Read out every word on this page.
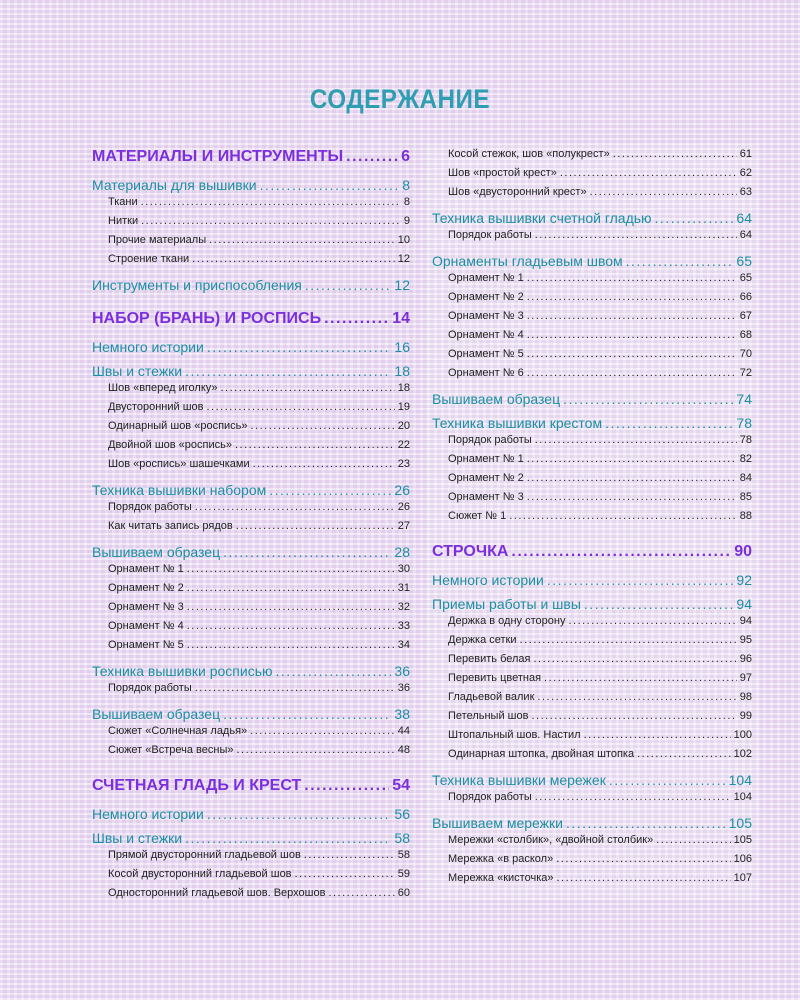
СОДЕРЖАНИЕ
МАТЕРИАЛЫ И ИНСТРУМЕНТЫ .....	6
Материалы для вышивки .....	8
Ткани .....	8
Нитки .....	9
Прочие материалы .....	10
Строение ткани .....	12
Инструменты и приспособления .....	12
НАБОР (БРАНЬ) И РОСПИСЬ .....	14
Немного истории .....	16
Швы и стежки .....	18
Шов «вперед иголку» .....	18
Двусторонний шов .....	19
Одинарный шов «роспись» .....	20
Двойной шов «роспись» .....	22
Шов «роспись» шашечками .....	23
Техника вышивки набором .....	26
Порядок работы .....	26
Как читать запись рядов .....	27
Вышиваем образец .....	28
Орнамент № 1 .....	30
Орнамент № 2 .....	31
Орнамент № 3 .....	32
Орнамент № 4 .....	33
Орнамент № 5 .....	34
Техника вышивки росписью .....	36
Порядок работы .....	36
Вышиваем образец .....	38
Сюжет «Солнечная ладья» .....	44
Сюжет «Встреча весны» .....	48
СЧЕТНАЯ ГЛАДЬ И КРЕСТ .....	54
Немного истории .....	56
Швы и стежки .....	58
Прямой двусторонний гладьевой шов .....	58
Косой двусторонний гладьевой шов .....	59
Односторонний гладьевой шов. Верхошов .....	60
Косой стежок, шов «полукрест» .....	61
Шов «простой крест» .....	62
Шов «двусторонний крест» .....	63
Техника вышивки счетной гладью .....	64
Порядок работы .....	64
Орнаменты гладьевым швом .....	65
Орнамент № 1 .....	65
Орнамент № 2 .....	66
Орнамент № 3 .....	67
Орнамент № 4 .....	68
Орнамент № 5 .....	70
Орнамент № 6 .....	72
Вышиваем образец .....	74
Техника вышивки крестом .....	78
Порядок работы .....	78
Орнамент № 1 .....	82
Орнамент № 2 .....	84
Орнамент № 3 .....	85
Сюжет № 1 .....	88
СТРОЧКА .....	90
Немного истории .....	92
Приемы работы и швы .....	94
Держка в одну сторону .....	94
Держка сетки .....	95
Перевить белая .....	96
Перевить цветная .....	97
Гладьевой валик .....	98
Петельный шов .....	99
Штопальный шов. Настил .....	100
Одинарная штопка, двойная штопка .....	102
Техника вышивки мережек .....	104
Порядок работы .....	104
Вышиваем мережки .....	105
Мережки «столбик», «двойной столбик» .....	105
Мережка «в раскол» .....	106
Мережка «кисточка» .....	107
